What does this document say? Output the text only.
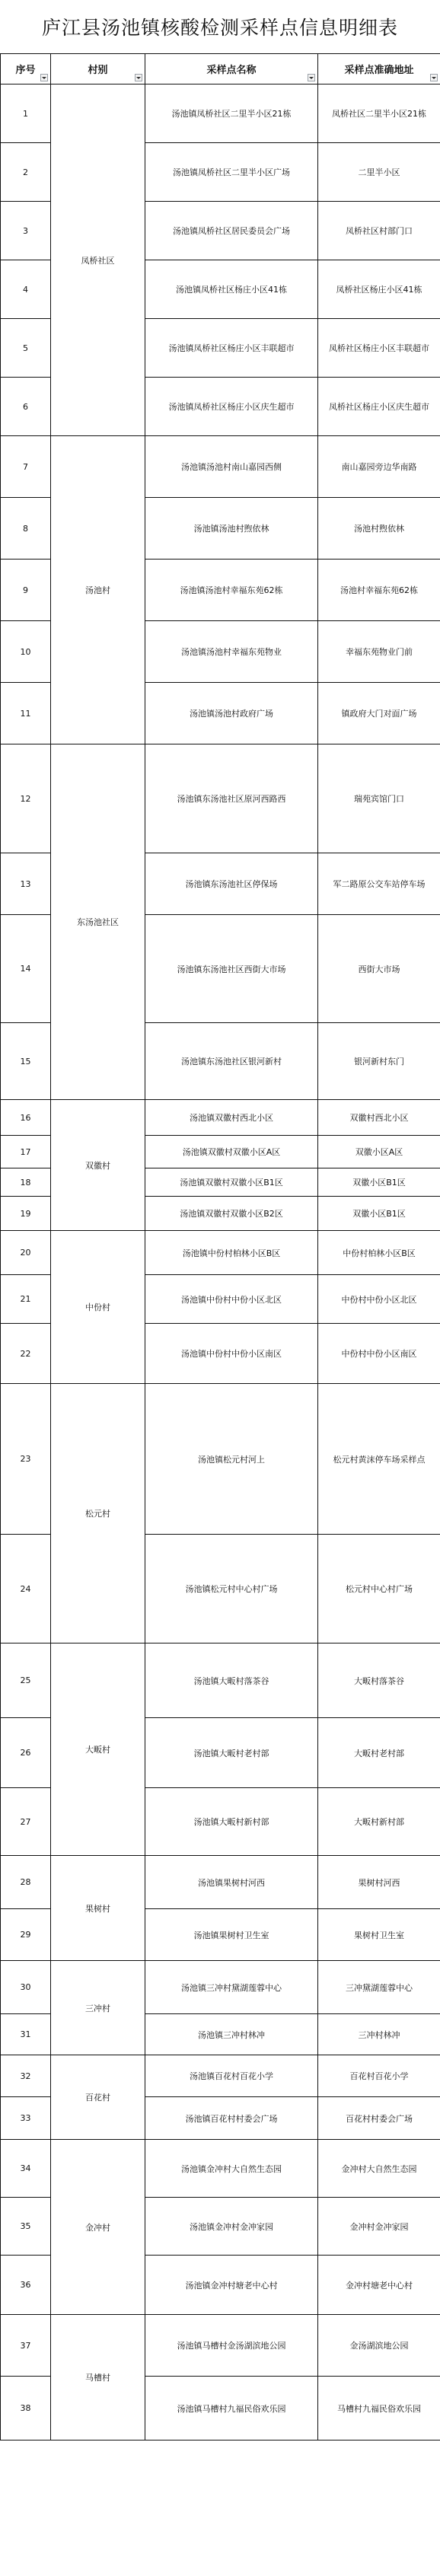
庐江县汤池镇核酸检测采样点信息明细表
序号	村别	采样点名称	采样点准确地址

1	凤桥社区	汤池镇凤桥社区二里半小区21栋	凤桥社区二里半小区21栋
2		汤池镇凤桥社区二里半小区广场	二里半小区
3		汤池镇凤桥社区居民委员会广场	凤桥社区村部门口
4		汤池镇凤桥社区杨庄小区41栋	凤桥社区杨庄小区41栋
5		汤池镇凤桥社区杨庄小区丰联超市	凤桥社区杨庄小区丰联超市
6		汤池镇凤桥社区杨庄小区庆生超市	凤桥社区杨庄小区庆生超市
7	汤池村	汤池镇汤池村南山嘉园西侧	南山嘉园旁边华南路
8		汤池镇汤池村煦依林	汤池村煦依林
9		汤池镇汤池村幸福东苑62栋	汤池村幸福东苑62栋
10		汤池镇汤池村幸福东苑物业	幸福东苑物业门前
11		汤池镇汤池村政府广场	镇政府大门对面广场
12	东汤池社区	汤池镇东汤池社区原河西路西	瑞苑宾馆门口
13		汤池镇东汤池社区停保场	军二路原公交车站停车场
14		汤池镇东汤池社区西街大市场	西街大市场
15		汤池镇东汤池社区银河新村	银河新村东门
16	双徽村	汤池镇双徽村西北小区	双徽村西北小区
17		汤池镇双徽村双徽小区A区	双徽小区A区
18		汤池镇双徽村双徽小区B1区	双徽小区B1区
19		汤池镇双徽村双徽小区B2区	双徽小区B1区
20	中份村	汤池镇中份村柏林小区B区	中份村柏林小区B区
21		汤池镇中份村中份小区北区	中份村中份小区北区
22		汤池镇中份村中份小区南区	中份村中份小区南区
23	松元村	汤池镇松元村河上	松元村黄沫停车场采样点
24		汤池镇松元村中心村广场	松元村中心村广场
25	大畈村	汤池镇大畈村落茶谷	大畈村落茶谷
26		汤池镇大畈村老村部	大畈村老村部
27		汤池镇大畈村新村部	大畈村新村部
28	果树村	汤池镇果树村河西	果树村河西
29		汤池镇果树村卫生室	果树村卫生室
30	三冲村	汤池镇三冲村黛湖莲蓉中心	三冲黛湖莲蓉中心
31		汤池镇三冲村林冲	三冲村林冲
32	百花村	汤池镇百花村百花小学	百花村百花小学
33		汤池镇百花村村委会广场	百花村村委会广场
34	金冲村	汤池镇金冲村大自然生态园	金冲村大自然生态园
35		汤池镇金冲村金冲家园	金冲村金冲家园
36		汤池镇金冲村塘老中心村	金冲村塘老中心村
37	马槽村	汤池镇马槽村金汤湖滨地公园	金汤湖滨地公园
38		汤池镇马槽村九福民俗欢乐园	马槽村九福民俗欢乐园
